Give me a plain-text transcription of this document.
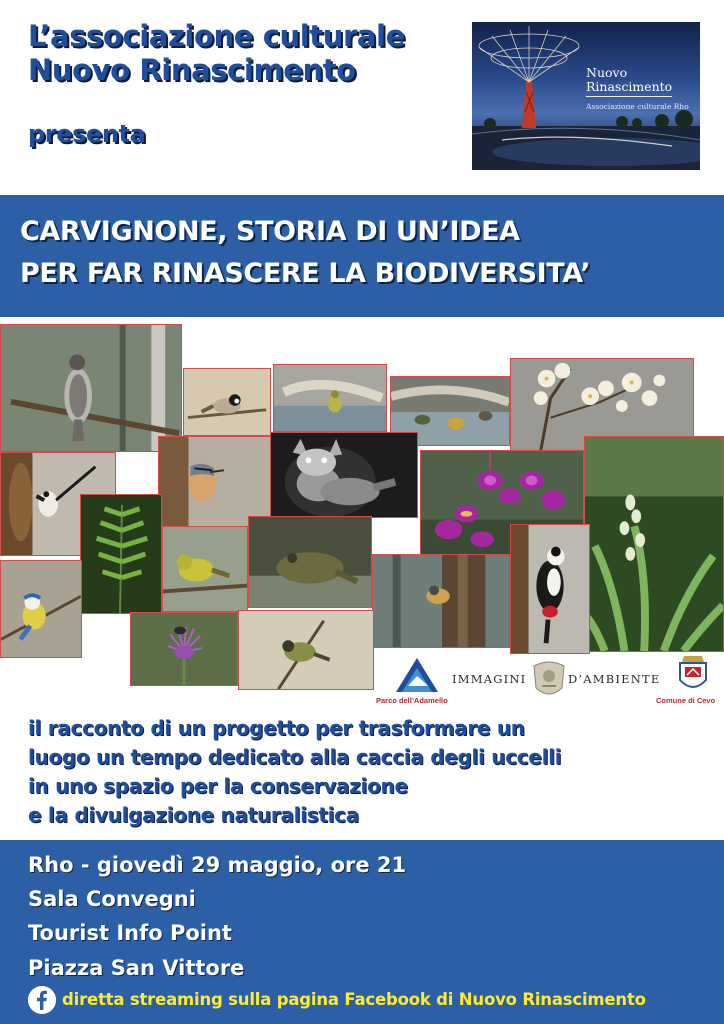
L’associazione culturale
Nuovo Rinascimento
presenta
Nuovo
Rinascimento
Associazione culturale Rho
CARVIGNONE, STORIA DI UN’IDEA
PER FAR RINASCERE LA BIODIVERSITA’
Parco dell’Adamello
IMMAGINI	D’AMBIENTE
Comune di Cevo
il racconto di un progetto per trasformare un
luogo un tempo dedicato alla caccia degli uccelli
in uno spazio per la conservazione
e la divulgazione naturalistica
Rho - giovedì 29 maggio, ore 21
Sala Convegni
Tourist Info Point
Piazza San Vittore
diretta streaming sulla pagina Facebook di Nuovo Rinascimento
